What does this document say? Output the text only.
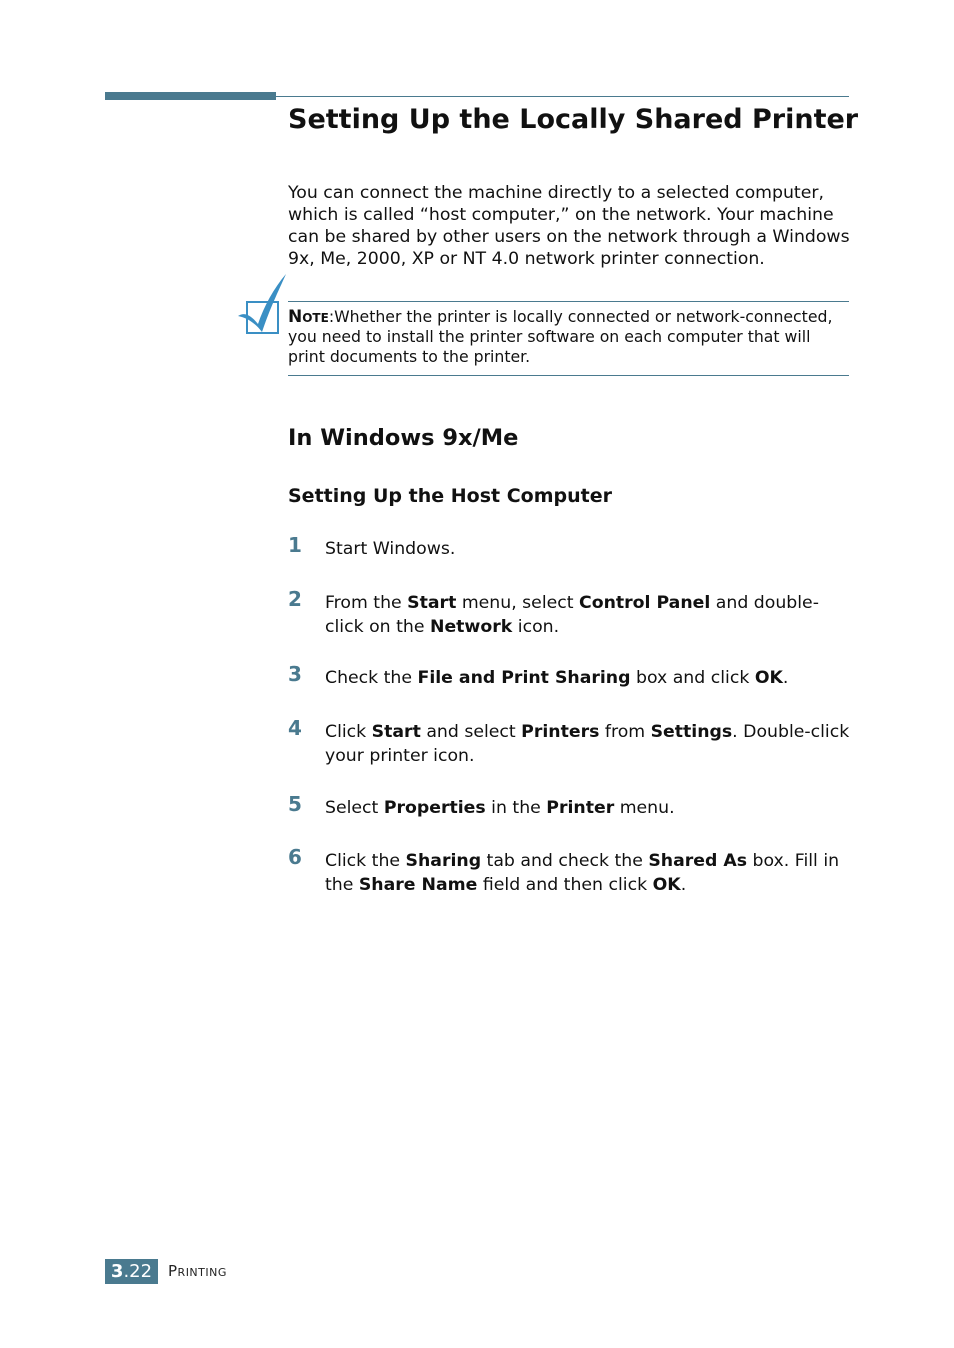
Setting Up the Locally Shared Printer

You can connect the machine directly to a selected computer, which is called “host computer,” on the network. Your machine can be shared by other users on the network through a Windows 9x, Me, 2000, XP or NT 4.0 network printer connection.

Note:Whether the printer is locally connected or network-connected, you need to install the printer software on each computer that will print documents to the printer.

In Windows 9x/Me
Setting Up the Host Computer
1 Start Windows.

2 From the Start menu, select Control Panel and double-click on the Network icon.

3 Check the File and Print Sharing box and click OK.

4 Click Start and select Printers from Settings. Double-click your printer icon.

5 Select Properties in the Printer menu.

6 Click the Sharing tab and check the Shared As box. Fill in the Share Name field and then click OK.

3.22	Printing
